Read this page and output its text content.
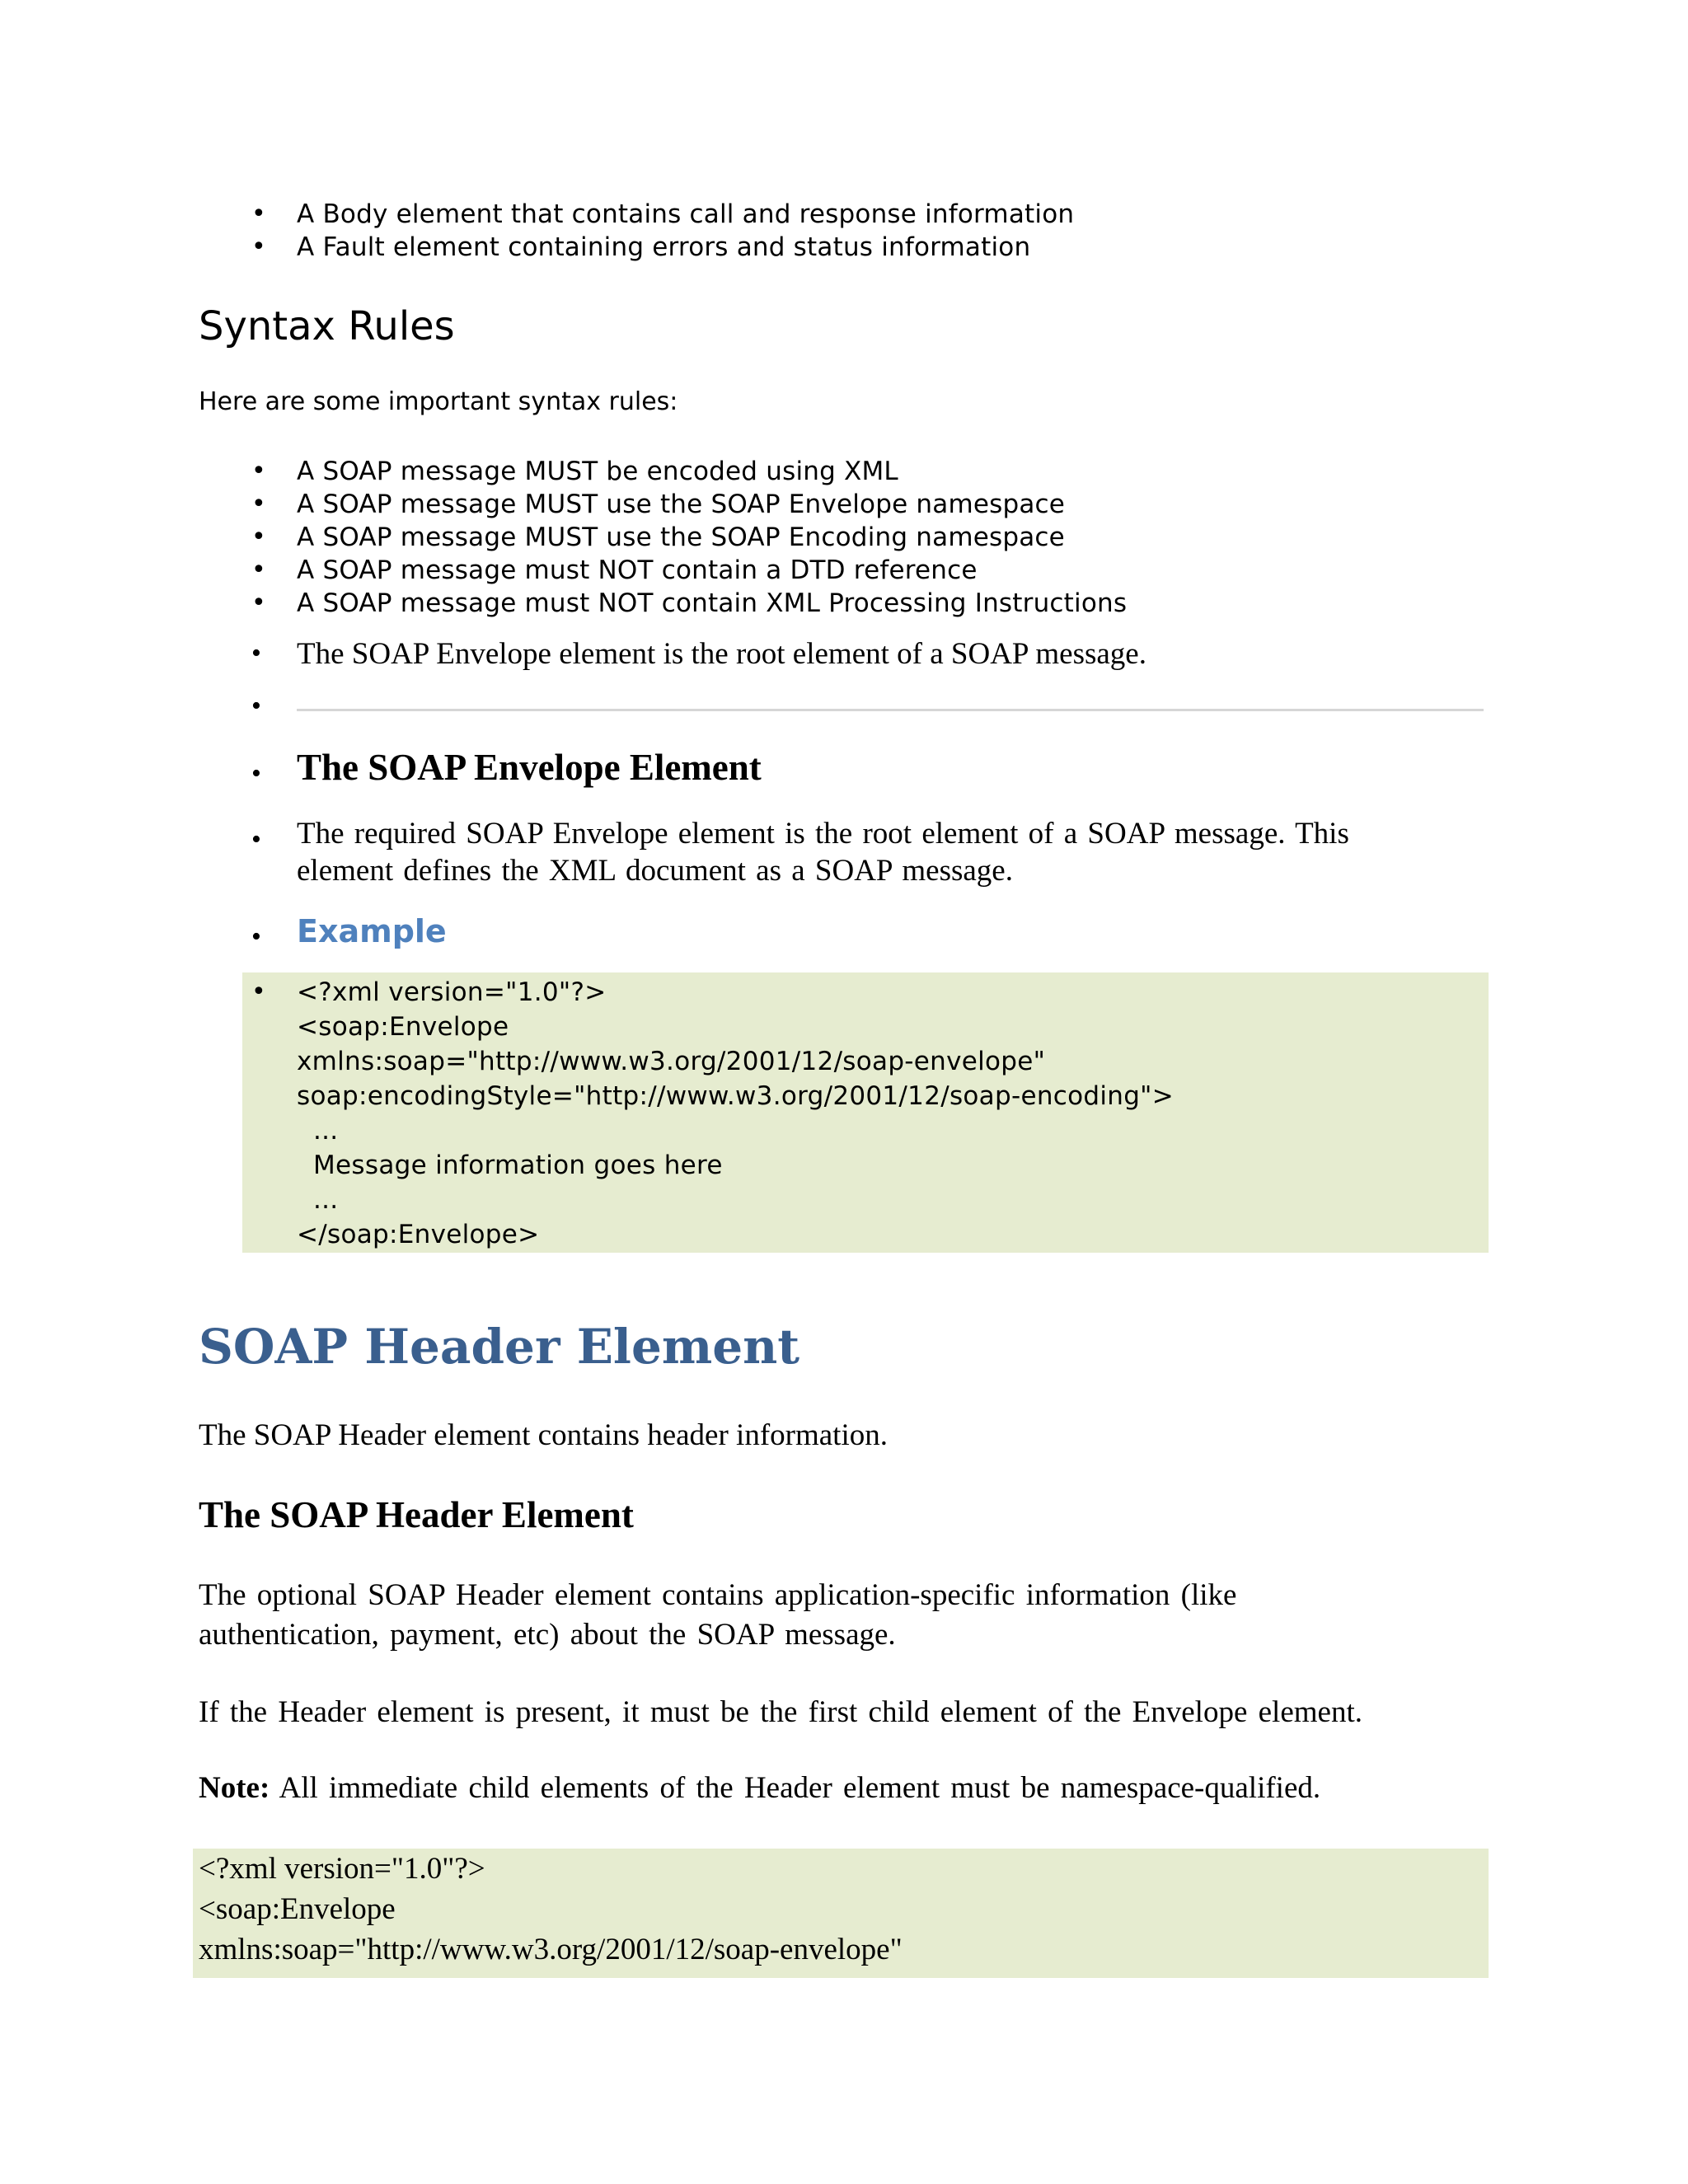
• A Body element that contains call and response information
• A Fault element containing errors and status information
Syntax Rules

Here are some important syntax rules:

• A SOAP message MUST be encoded using XML
• A SOAP message MUST use the SOAP Envelope namespace
• A SOAP message MUST use the SOAP Encoding namespace
• A SOAP message must NOT contain a DTD reference
• A SOAP message must NOT contain XML Processing Instructions
• The SOAP Envelope element is the root element of a SOAP message.
•
• The SOAP Envelope Element
• The required SOAP Envelope element is the root element of a SOAP message. This
element defines the XML document as a SOAP message.
• Example
• <?xml version="1.0"?>
<soap:Envelope
xmlns:soap="http://www.w3.org/2001/12/soap-envelope"
soap:encodingStyle="http://www.w3.org/2001/12/soap-encoding">
...
Message information goes here
...
</soap:Envelope>
SOAP Header Element

The SOAP Header element contains header information.

The SOAP Header Element

The optional SOAP Header element contains application-specific information (like

authentication, payment, etc) about the SOAP message.

If the Header element is present, it must be the first child element of the Envelope element.

Note: All immediate child elements of the Header element must be namespace-qualified.

<?xml version="1.0"?>
<soap:Envelope
xmlns:soap="http://www.w3.org/2001/12/soap-envelope"
